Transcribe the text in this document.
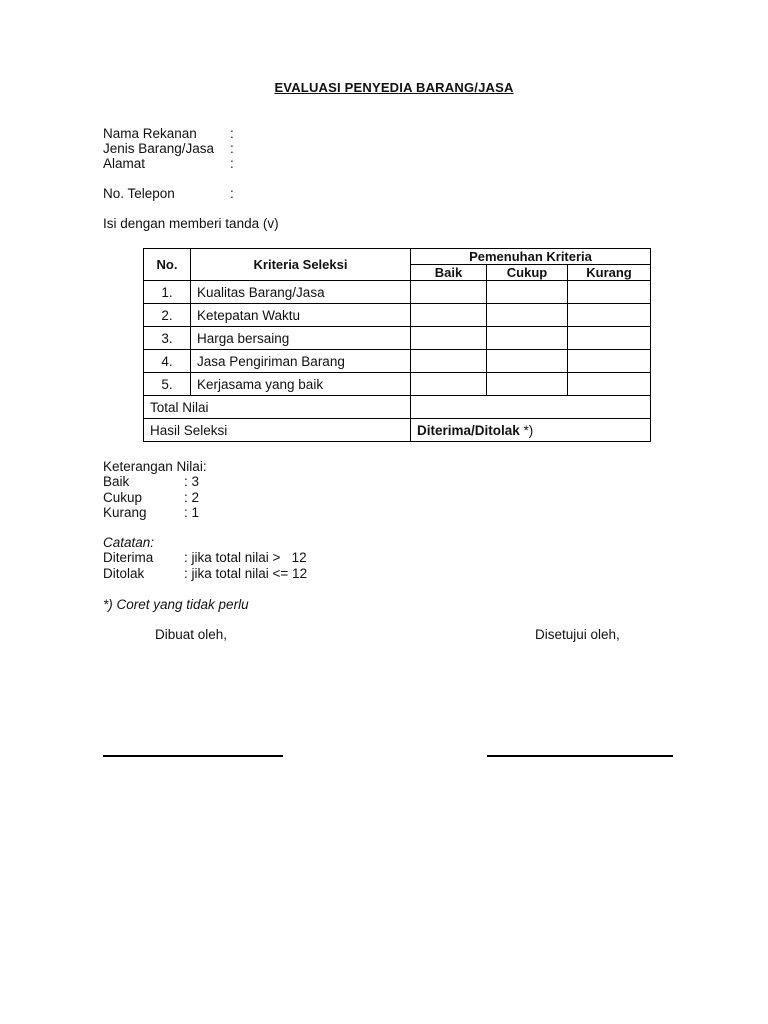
EVALUASI PENYEDIA BARANG/JASA
Nama Rekanan :
Jenis Barang/Jasa :
Alamat	:
No. Telepon	:
Isi dengan memberi tanda (v)
No.	Kriteria Seleksi	Pemenuhan Kriteria		
		Baik	Cukup	Kurang
1.	Kualitas Barang/Jasa			
2.	Ketepatan Waktu			
3.	Harga bersaing			
4.	Jasa Pengiriman Barang			
5.	Kerjasama yang baik			
Total Nilai				
Hasil Seleksi		Diterima/Ditolak *)		
Keterangan Nilai:
Baik	: 3
Cukup	: 2
Kurang	: 1
Catatan:
Diterima : jika total nilai >   12
Ditolak	: jika total nilai <= 12
*) Coret yang tidak perlu
Dibuat oleh,	Disetujui oleh,
